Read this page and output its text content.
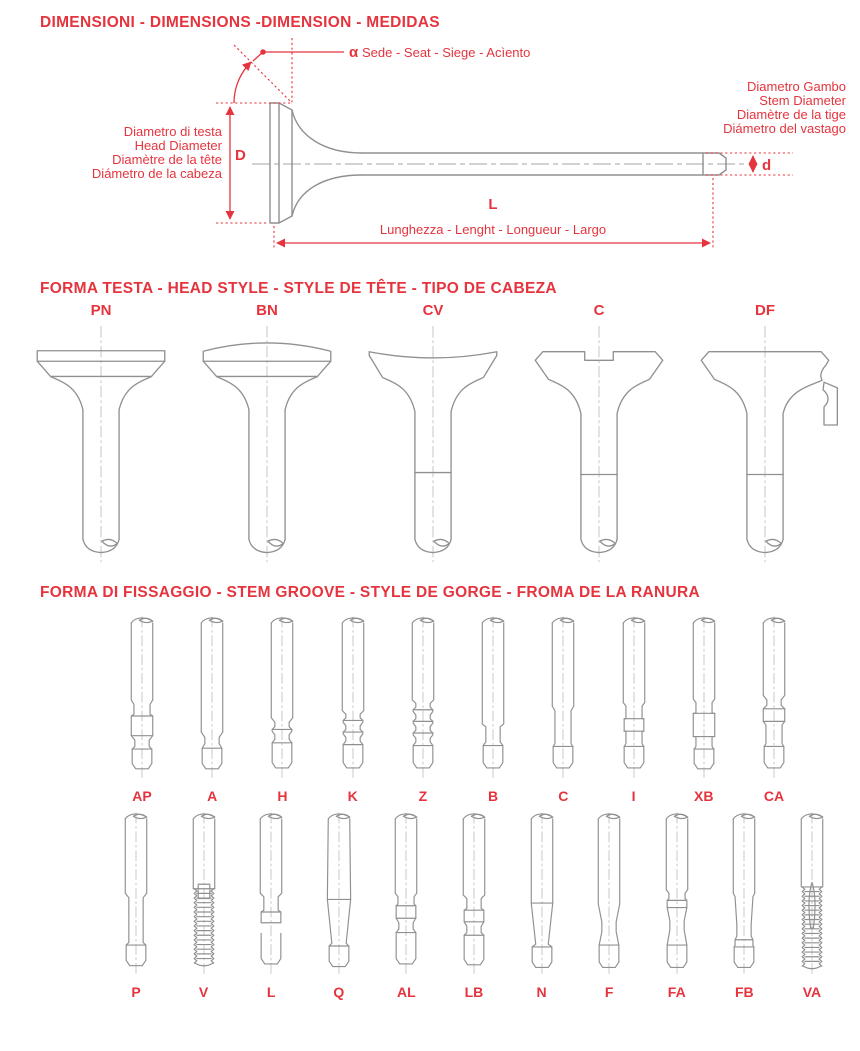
DIMENSIONI - DIMENSIONS -DIMENSION - MEDIDAS
α Sede - Seat - Siege - Acìento
D
Diametro di testa
Head Diameter
Diamètre de la tête
Diámetro de la cabeza
Diametro Gambo
Stem Diameter
Diamètre de la tige
Diámetro del vastago
d
L
Lunghezza - Lenght - Longueur - Largo
FORMA TESTA - HEAD STYLE - STYLE DE TÊTE - TIPO DE CABEZA
PN	BN	CV	C	DF
FORMA DI FISSAGGIO - STEM GROOVE - STYLE DE GORGE - FROMA DE LA RANURA
AP	A	H	K	Z	B	C	I	XB	CA
P	V	L	Q	AL	LB	N	F	FA	FB	VA
